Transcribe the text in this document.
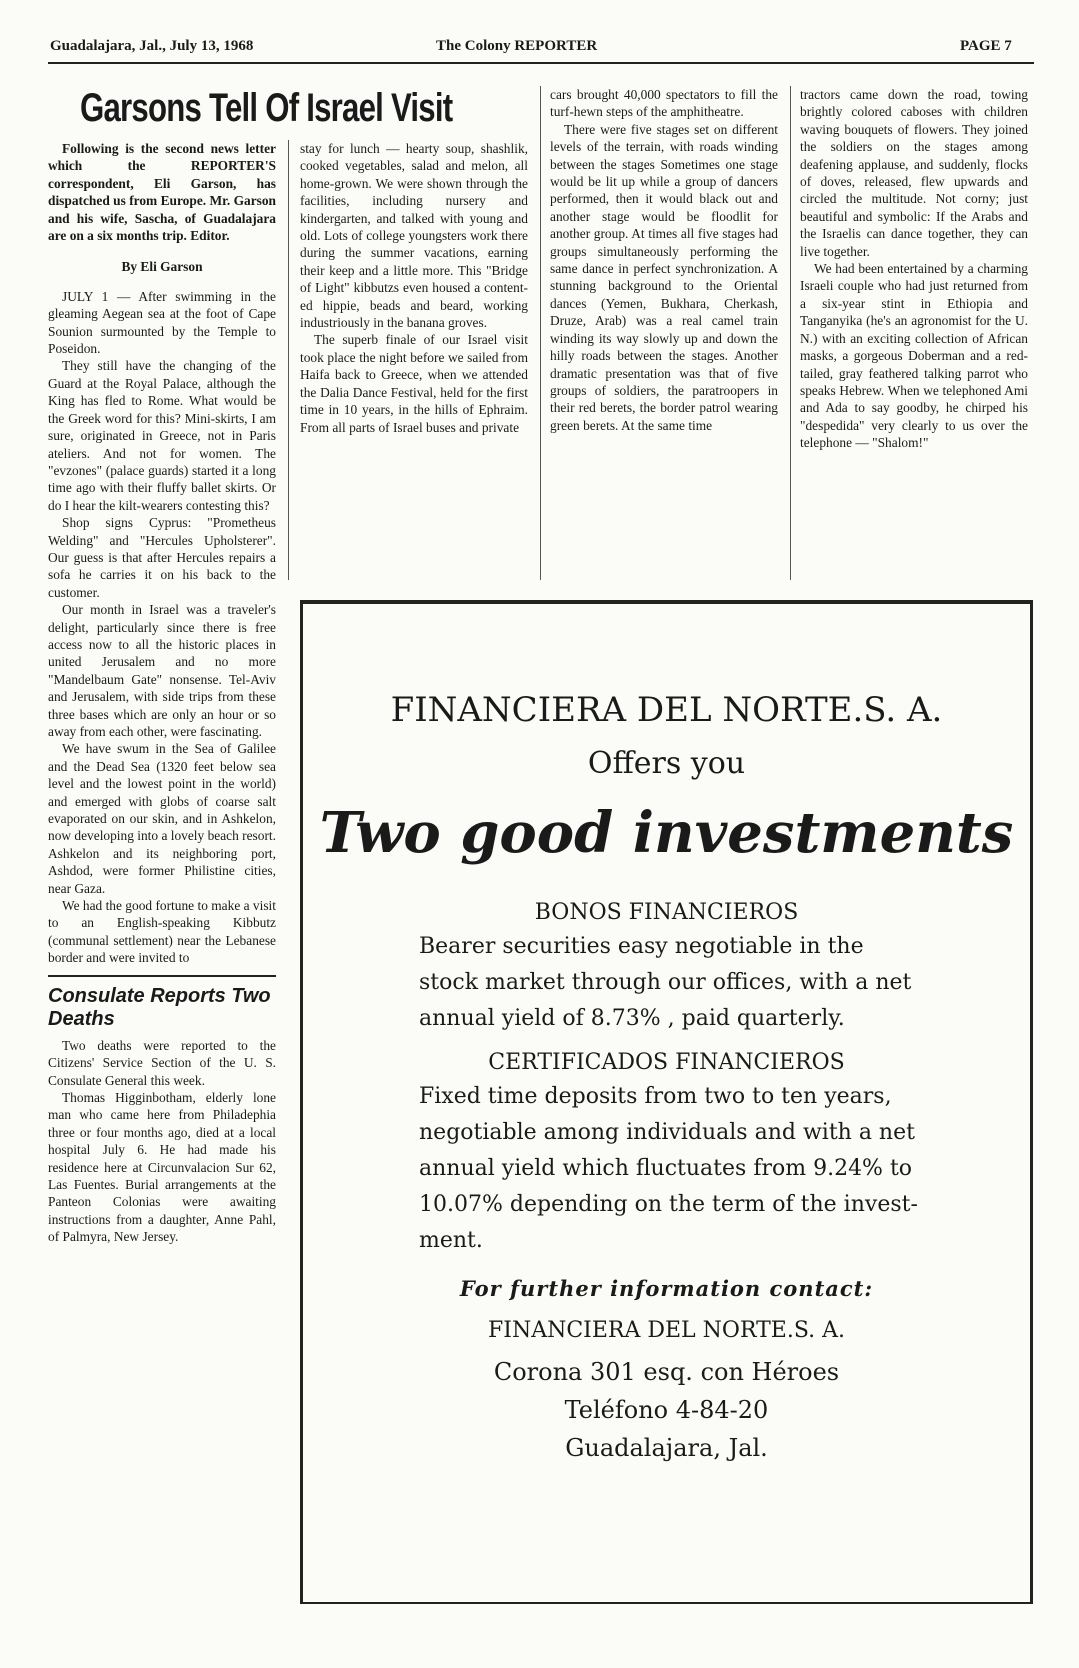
Guadalajara, Jal., July 13, 1968	The Colony REPORTER	PAGE 7
Garsons Tell Of Israel Visit

Following is the second news letter which the REPORTER'S correspondent, Eli Garson, has dispatched us from Europe. Mr. Garson and his wife, Sascha, of Guadalajara are on a six months trip. Editor.

By Eli Garson

JULY 1 — After swimming in the gleaming Aegean sea at the foot of Cape Sounion surmounted by the Temple to Poseidon.

They still have the changing of the Guard at the Royal Palace, although the King has fled to Rome. What would be the Greek word for this? Mini-skirts, I am sure, originated in Greece, not in Paris ateliers. And not for women. The "evzones" (palace guards) started it a long time ago with their fluffy ballet skirts. Or do I hear the kilt-wearers contesting this?

Shop signs Cyprus: "Prometheus Welding" and "Hercules Upholsterer". Our guess is that after Hercules repairs a sofa he carries it on his back to the customer.

Our month in Israel was a traveler's delight, particularly since there is free access now to all the historic places in united Jerusalem and no more "Mandelbaum Gate" nonsense. Tel-Aviv and Jerusalem, with side trips from these three bases which are only an hour or so away from each other, were fascinating.

We have swum in the Sea of Galilee and the Dead Sea (1320 feet below sea level and the lowest point in the world) and emerged with globs of coarse salt evaporated on our skin, and in Ashkelon, now developing into a lovely beach resort. Ashkelon and its neighboring port, Ashdod, were former Philistine cities, near Gaza.

We had the good fortune to make a visit to an English-speaking Kibbutz (communal settlement) near the Lebanese border and were invited to

Consulate Reports Two Deaths

Two deaths were reported to the Citizens' Service Section of the U. S. Consulate General this week.

Thomas Higginbotham, elderly lone man who came here from Philadephia three or four months ago, died at a local hospital July 6. He had made his residence here at Circunvalacion Sur 62, Las Fuentes. Burial arrangements at the Panteon Colonias were awaiting instructions from a daughter, Anne Pahl, of Palmyra, New Jersey.

stay for lunch — hearty soup, shashlik, cooked vegetables, salad and melon, all home-grown. We were shown through the facilities, including nursery and kindergarten, and talked with young and old. Lots of college youngsters work there during the summer vacations, earning their keep and a little more. This "Bridge of Light" kibbutzs even housed a content-ed hippie, beads and beard, working industriously in the banana groves.

The superb finale of our Israel visit took place the night before we sailed from Haifa back to Greece, when we attended the Dalia Dance Festival, held for the first time in 10 years, in the hills of Ephraim. From all parts of Israel buses and private

cars brought 40,000 spectators to fill the turf-hewn steps of the amphitheatre.

There were five stages set on different levels of the terrain, with roads winding between the stages Sometimes one stage would be lit up while a group of dancers performed, then it would black out and another stage would be floodlit for another group. At times all five stages had groups simultaneously performing the same dance in perfect synchronization. A stunning background to the Oriental dances (Yemen, Bukhara, Cherkash, Druze, Arab) was a real camel train winding its way slowly up and down the hilly roads between the stages. Another dramatic presentation was that of five groups of soldiers, the paratroopers in their red berets, the border patrol wearing green berets. At the same time

tractors came down the road, towing brightly colored caboses with children waving bouquets of flowers. They joined the soldiers on the stages among deafening applause, and suddenly, flocks of doves, released, flew upwards and circled the multitude. Not corny; just beautiful and symbolic: If the Arabs and the Israelis can dance together, they can live together.

We had been entertained by a charming Israeli couple who had just returned from a six-year stint in Ethiopia and Tanganyika (he's an agronomist for the U. N.) with an exciting collection of African masks, a gorgeous Doberman and a red-tailed, gray feathered talking parrot who speaks Hebrew. When we telephoned Ami and Ada to say goodby, he chirped his "despedida" very clearly to us over the telephone — "Shalom!"

FINANCIERA DEL NORTE.S. A.
Offers you
Two good investments
BONOS FINANCIEROS
Bearer securities easy negotiable in the
stock market through our offices, with a net
annual yield of 8.73% , paid quarterly.
CERTIFICADOS FINANCIEROS
Fixed time deposits from two to ten years,
negotiable among individuals and with a net
annual yield which fluctuates from 9.24% to
10.07% depending on the term of the invest-
ment.
For further information contact:
FINANCIERA DEL NORTE.S. A.
Corona 301 esq. con Héroes
Teléfono 4-84-20
Guadalajara, Jal.
